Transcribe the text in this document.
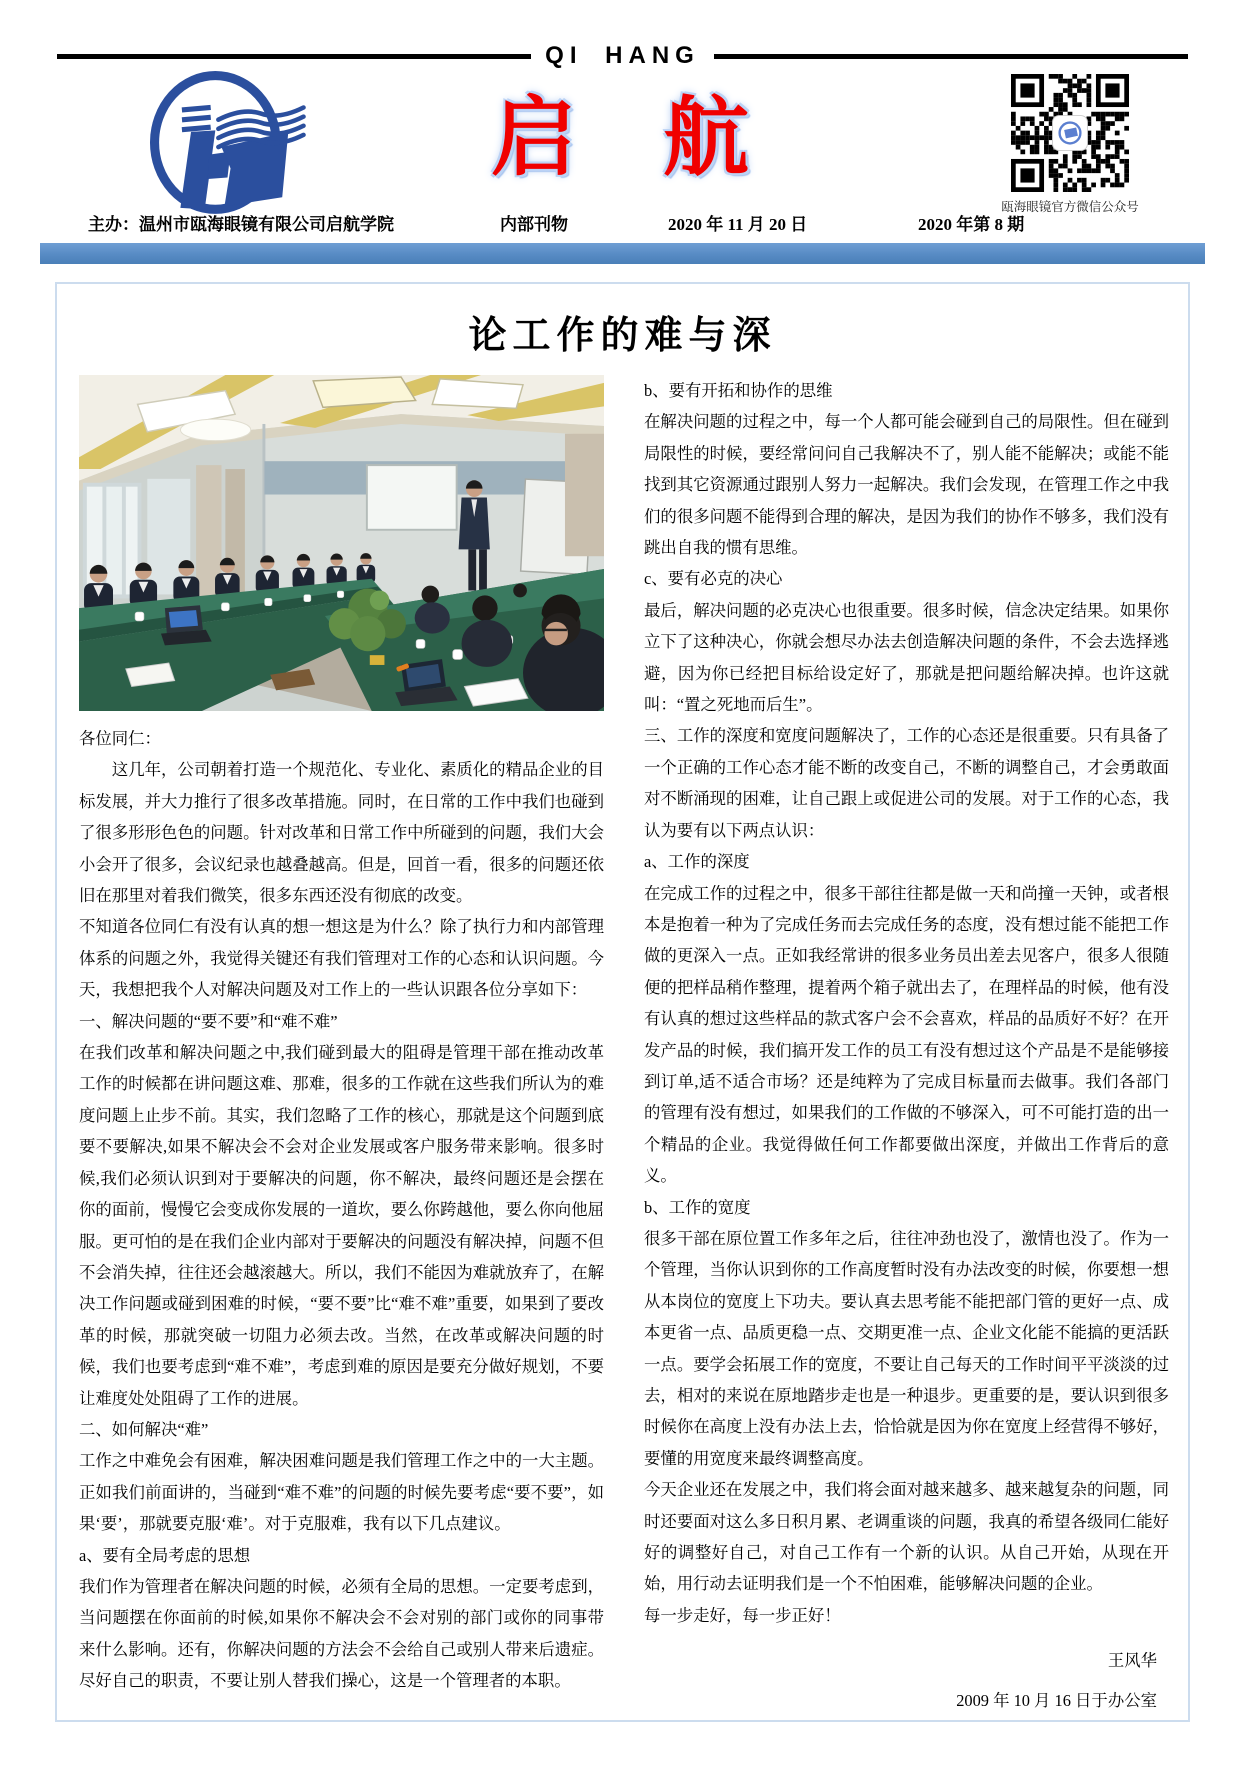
QI HANG
启　航
瓯海眼镜官方微信公众号
主办：温州市瓯海眼镜有限公司启航学院	内部刊物	2020 年 11 月 20 日	2020 年第 8 期
论工作的难与深

各位同仁：

这几年，公司朝着打造一个规范化、专业化、素质化的精品企业的目标发展，并大力推行了很多改革措施。同时，在日常的工作中我们也碰到了很多形形色色的问题。针对改革和日常工作中所碰到的问题，我们大会小会开了很多，会议纪录也越叠越高。但是，回首一看，很多的问题还依旧在那里对着我们微笑，很多东西还没有彻底的改变。

不知道各位同仁有没有认真的想一想这是为什么？除了执行力和内部管理体系的问题之外，我觉得关键还有我们管理对工作的心态和认识问题。今天，我想把我个人对解决问题及对工作上的一些认识跟各位分享如下：

一、解决问题的“要不要”和“难不难”

在我们改革和解决问题之中,我们碰到最大的阻碍是管理干部在推动改革工作的时候都在讲问题这难、那难，很多的工作就在这些我们所认为的难度问题上止步不前。其实，我们忽略了工作的核心，那就是这个问题到底要不要解决,如果不解决会不会对企业发展或客户服务带来影响。很多时候,我们必须认识到对于要解决的问题，你不解决，最终问题还是会摆在你的面前，慢慢它会变成你发展的一道坎，要么你跨越他，要么你向他屈服。更可怕的是在我们企业内部对于要解决的问题没有解决掉，问题不但不会消失掉，往往还会越滚越大。所以，我们不能因为难就放弃了，在解决工作问题或碰到困难的时候，“要不要”比“难不难”重要，如果到了要改革的时候，那就突破一切阻力必须去改。当然，在改革或解决问题的时候，我们也要考虑到“难不难”，考虑到难的原因是要充分做好规划，不要让难度处处阻碍了工作的进展。

二、如何解决“难”

工作之中难免会有困难，解决困难问题是我们管理工作之中的一大主题。正如我们前面讲的，当碰到“难不难”的问题的时候先要考虑“要不要”，如果‘要’，那就要克服‘难’。对于克服难，我有以下几点建议。

a、要有全局考虑的思想

我们作为管理者在解决问题的时候，必须有全局的思想。一定要考虑到，当问题摆在你面前的时候,如果你不解决会不会对别的部门或你的同事带来什么影响。还有，你解决问题的方法会不会给自己或别人带来后遗症。尽好自己的职责，不要让别人替我们操心，这是一个管理者的本职。

b、要有开拓和协作的思维

在解决问题的过程之中，每一个人都可能会碰到自己的局限性。但在碰到局限性的时候，要经常问问自己我解决不了，别人能不能解决；或能不能找到其它资源通过跟别人努力一起解决。我们会发现，在管理工作之中我们的很多问题不能得到合理的解决，是因为我们的协作不够多，我们没有跳出自我的惯有思维。

c、要有必克的决心

最后，解决问题的必克决心也很重要。很多时候，信念决定结果。如果你立下了这种决心，你就会想尽办法去创造解决问题的条件，不会去选择逃避，因为你已经把目标给设定好了，那就是把问题给解决掉。也许这就叫：“置之死地而后生”。

三、工作的深度和宽度问题解决了，工作的心态还是很重要。只有具备了一个正确的工作心态才能不断的改变自己，不断的调整自己，才会勇敢面对不断涌现的困难，让自己跟上或促进公司的发展。对于工作的心态，我认为要有以下两点认识：

a、工作的深度

在完成工作的过程之中，很多干部往往都是做一天和尚撞一天钟，或者根本是抱着一种为了完成任务而去完成任务的态度，没有想过能不能把工作做的更深入一点。正如我经常讲的很多业务员出差去见客户，很多人很随便的把样品稍作整理，提着两个箱子就出去了，在理样品的时候，他有没有认真的想过这些样品的款式客户会不会喜欢，样品的品质好不好？在开发产品的时候，我们搞开发工作的员工有没有想过这个产品是不是能够接到订单,适不适合市场？还是纯粹为了完成目标量而去做事。我们各部门的管理有没有想过，如果我们的工作做的不够深入，可不可能打造的出一个精品的企业。我觉得做任何工作都要做出深度，并做出工作背后的意义。

b、工作的宽度

很多干部在原位置工作多年之后，往往冲劲也没了，激情也没了。作为一个管理，当你认识到你的工作高度暂时没有办法改变的时候，你要想一想从本岗位的宽度上下功夫。要认真去思考能不能把部门管的更好一点、成本更省一点、品质更稳一点、交期更准一点、企业文化能不能搞的更活跃一点。要学会拓展工作的宽度，不要让自己每天的工作时间平平淡淡的过去，相对的来说在原地踏步走也是一种退步。更重要的是，要认识到很多时候你在高度上没有办法上去，恰恰就是因为你在宽度上经营得不够好，要懂的用宽度来最终调整高度。

今天企业还在发展之中，我们将会面对越来越多、越来越复杂的问题，同时还要面对这么多日积月累、老调重谈的问题，我真的希望各级同仁能好好的调整好自己，对自己工作有一个新的认识。从自己开始，从现在开始，用行动去证明我们是一个不怕困难，能够解决问题的企业。

每一步走好，每一步正好！

王风华
2009 年 10 月 16 日于办公室
